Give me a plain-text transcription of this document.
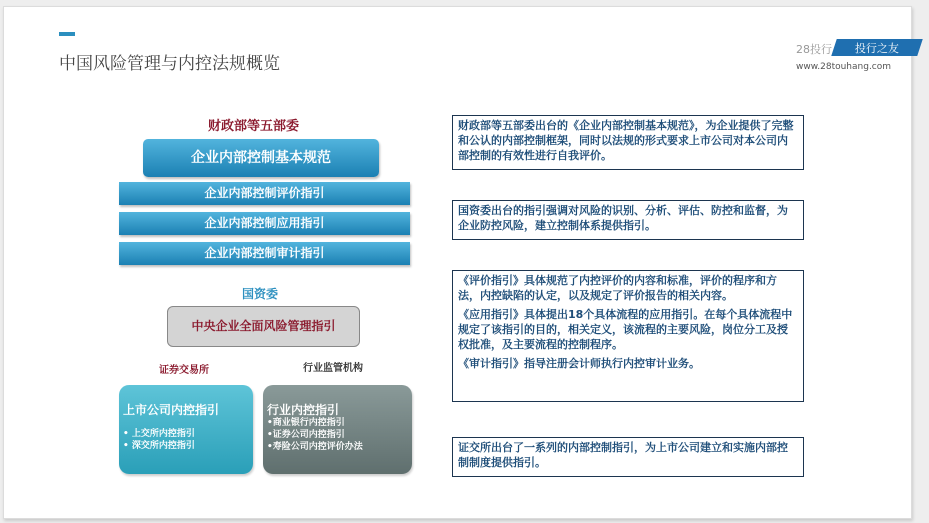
中国风险管理与内控法规概览
28投行	投行之友
www.28touhang.com
财政部等五部委
企业内部控制基本规范
企业内部控制评价指引
企业内部控制应用指引
企业内部控制审计指引
国资委
中央企业全面风险管理指引
证券交易所	行业监管机构
上市公司内控指引
• 上交所内控指引
• 深交所内控指引
行业内控指引
•商业银行内控指引
•证券公司内控指引
•寿险公司内控评价办法

财政部等五部委出台的《企业内部控制基本规范》，为企业提供了完整和公认的内部控制框架，同时以法规的形式要求上市公司对本公司内部控制的有效性进行自我评价。

国资委出台的指引强调对风险的识别、分析、评估、防控和监督，为企业防控风险，建立控制体系提供指引。

《评价指引》具体规范了内控评价的内容和标准，评价的程序和方法，内控缺陷的认定，以及规定了评价报告的相关内容。

《应用指引》具体提出18个具体流程的应用指引。在每个具体流程中规定了该指引的目的，相关定义，该流程的主要风险，岗位分工及授权批准，及主要流程的控制程序。

《审计指引》指导注册会计师执行内控审计业务。

证交所出台了一系列的内部控制指引，为上市公司建立和实施内部控制制度提供指引。
